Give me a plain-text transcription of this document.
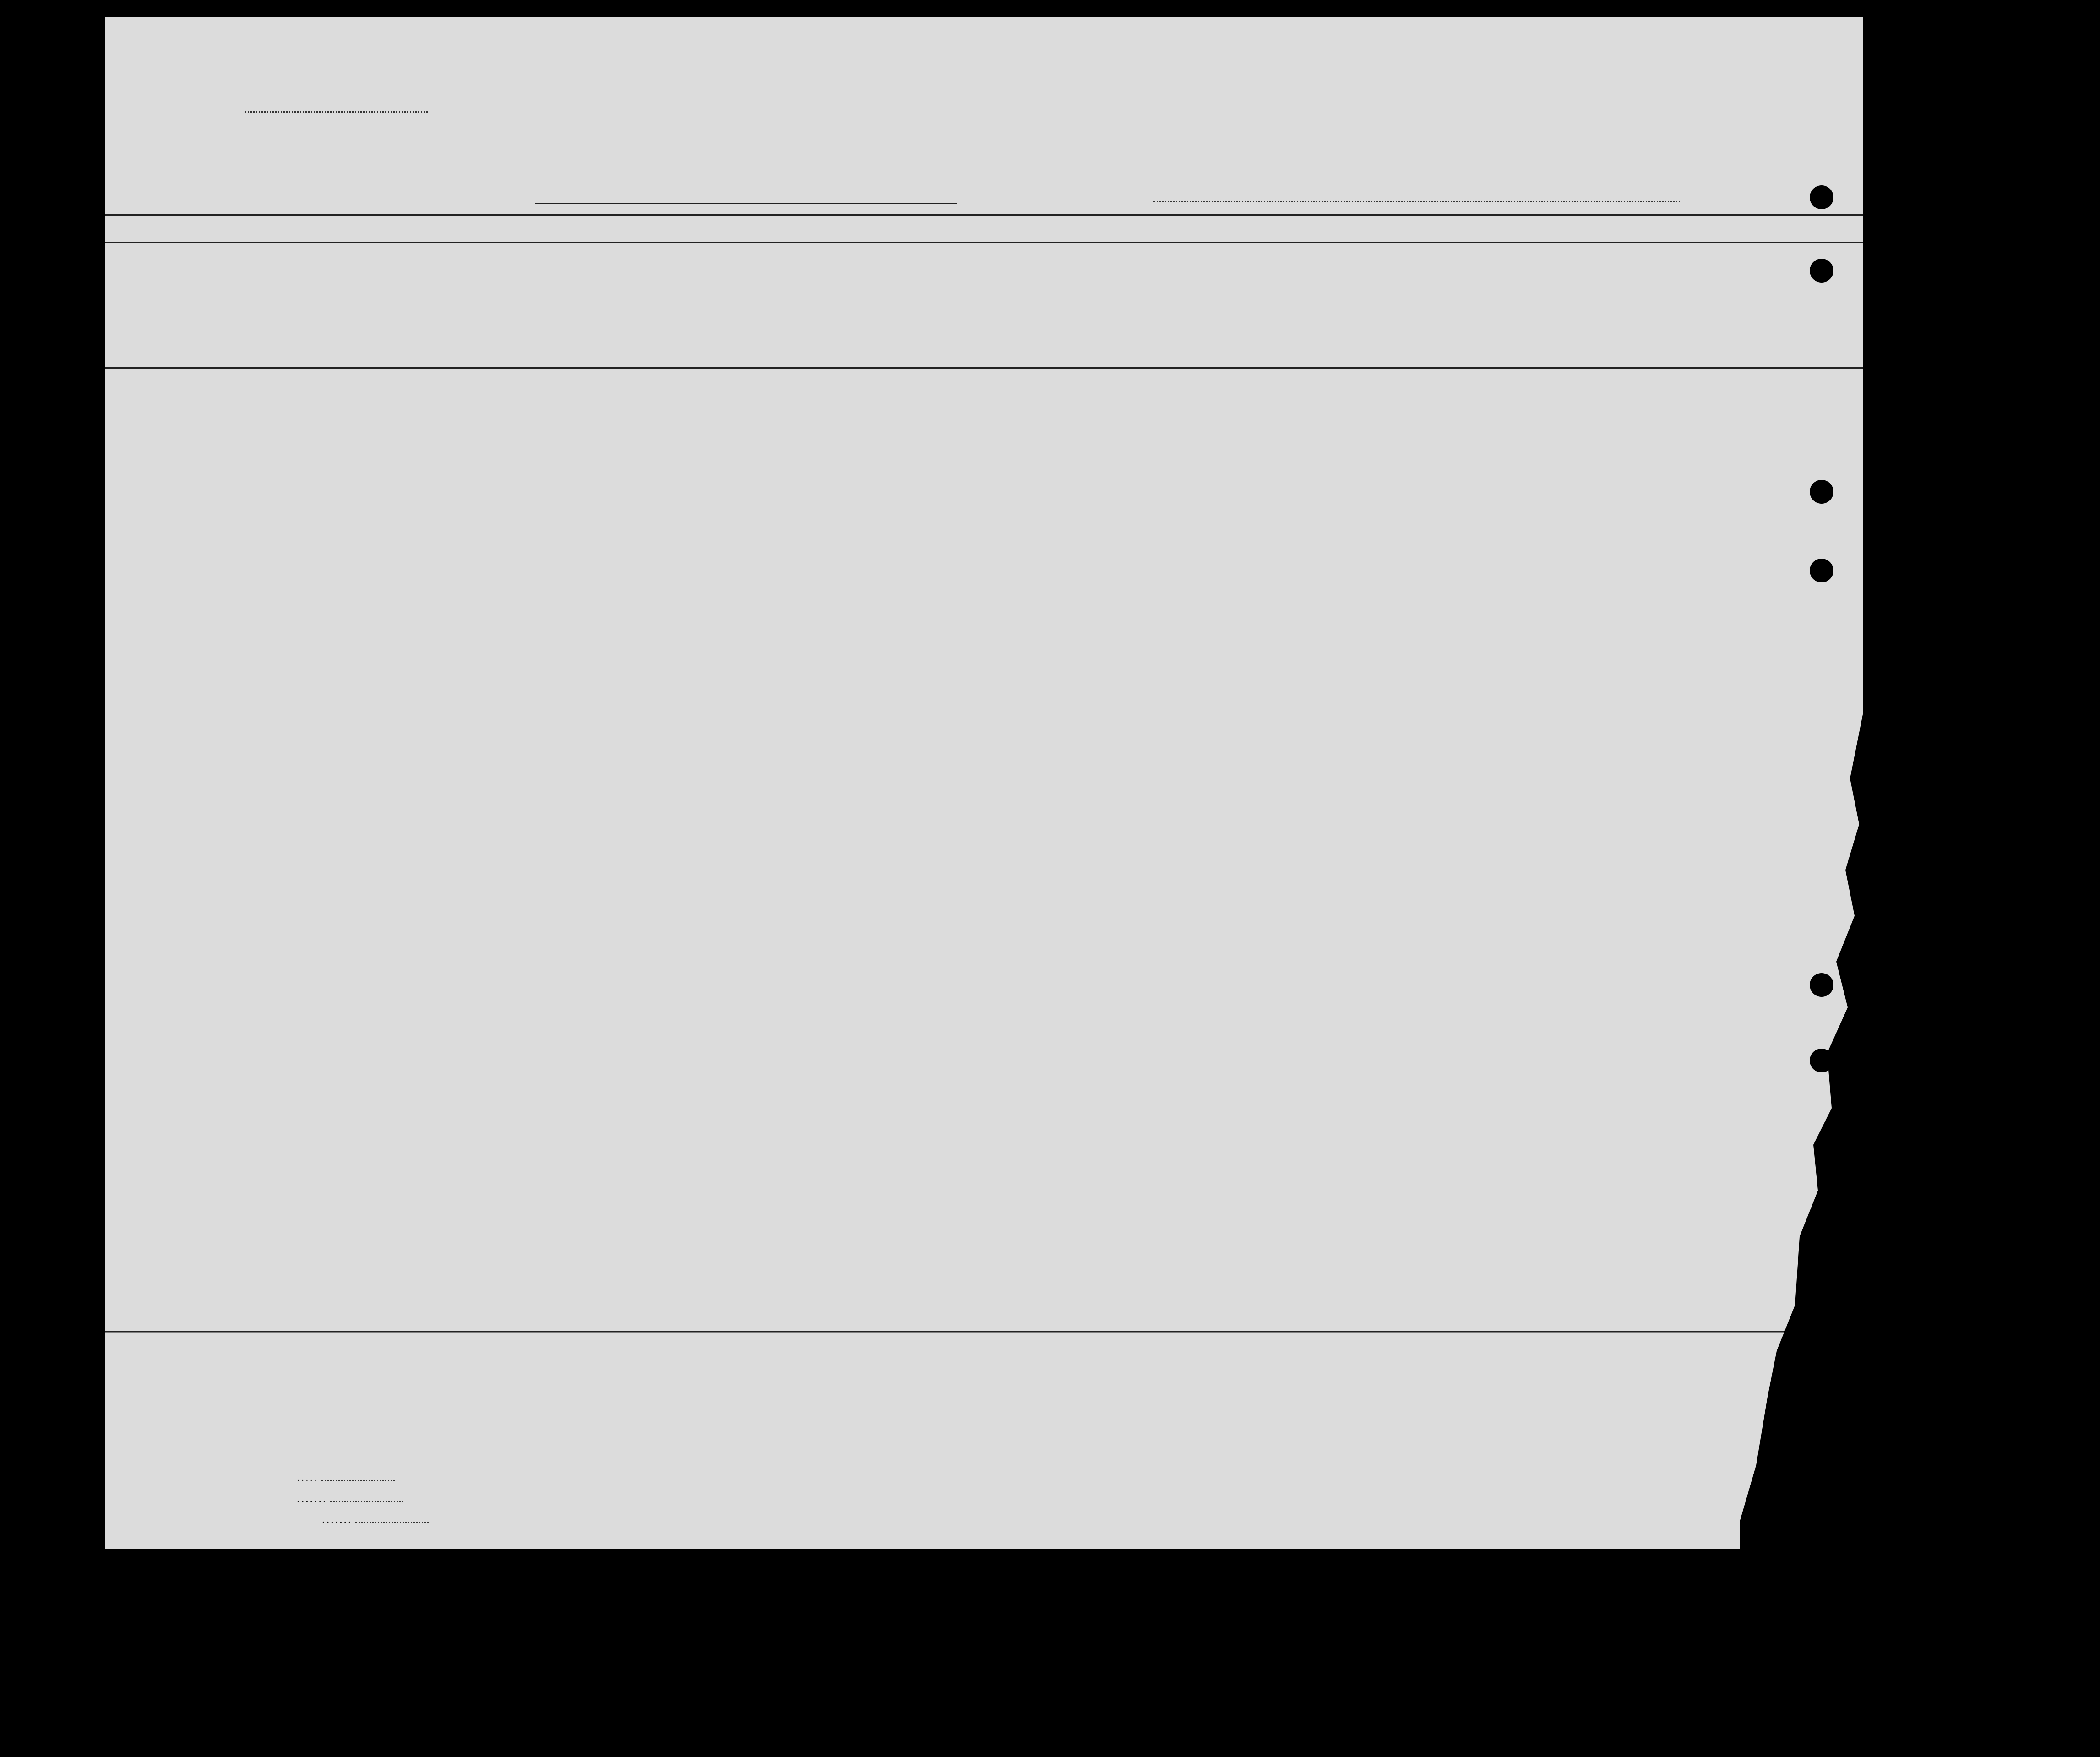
. . . . .
. . . . . . .
. . . . . . .
